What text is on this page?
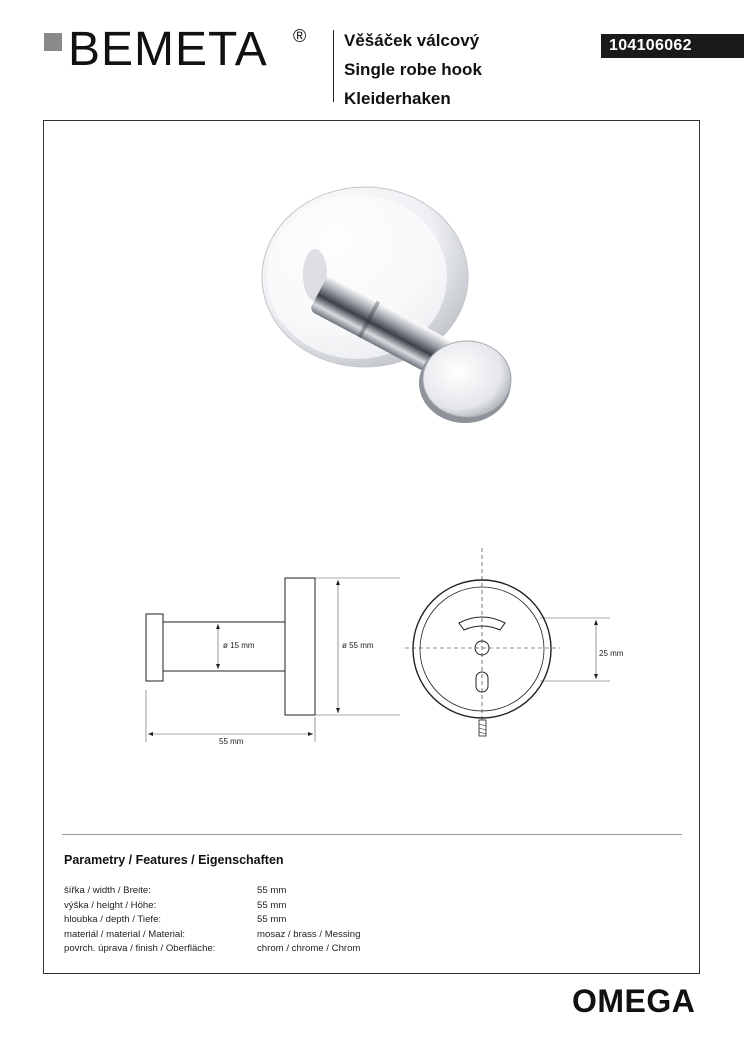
BEMETA ® Věšáček válcový
Single robe hook
Kleiderhaken
104106062
ø 15 mm	ø 55 mm
55 mm
25 mm
Parametry / Features / Eigenschaften
šířka / width / Breite:	55 mm
výška / height / Höhe:	55 mm
hloubka / depth / Tiefe:	55 mm
materiál / material / Material:	mosaz / brass / Messing
povrch. úprava / finish / Oberfläche:	chrom / chrome / Chrom
OMEGA
